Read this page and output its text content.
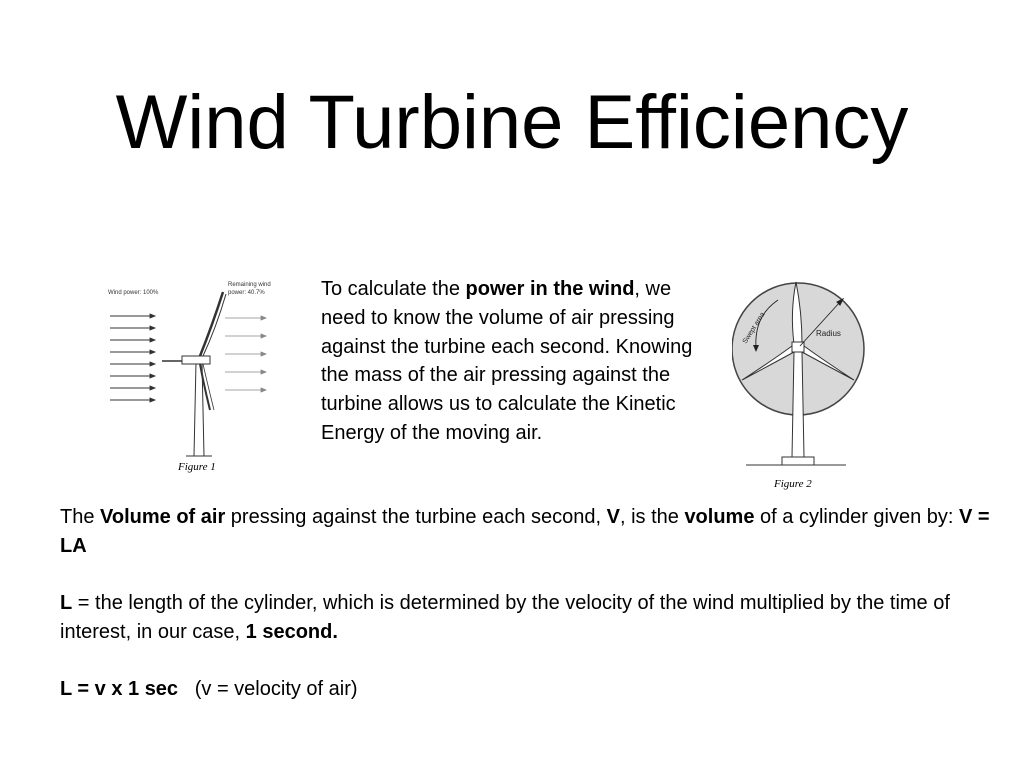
Wind Turbine Efficiency
Wind power: 100%
Remaining wind
power: 40.7%
Figure 1
Radius
Swept area
Figure 2

To calculate the power in the wind, we need to know the volume of air pressing against the turbine each second. Knowing the mass of the air pressing against the turbine allows us to calculate the Kinetic Energy of the moving air.

The Volume of air pressing against the turbine each second, V, is the volume of a cylinder given by: V = LA

L = the length of the cylinder, which is determined by the velocity of the wind multiplied by the time of interest, in our case, 1 second.

L = v x 1 sec   (v = velocity of air)
